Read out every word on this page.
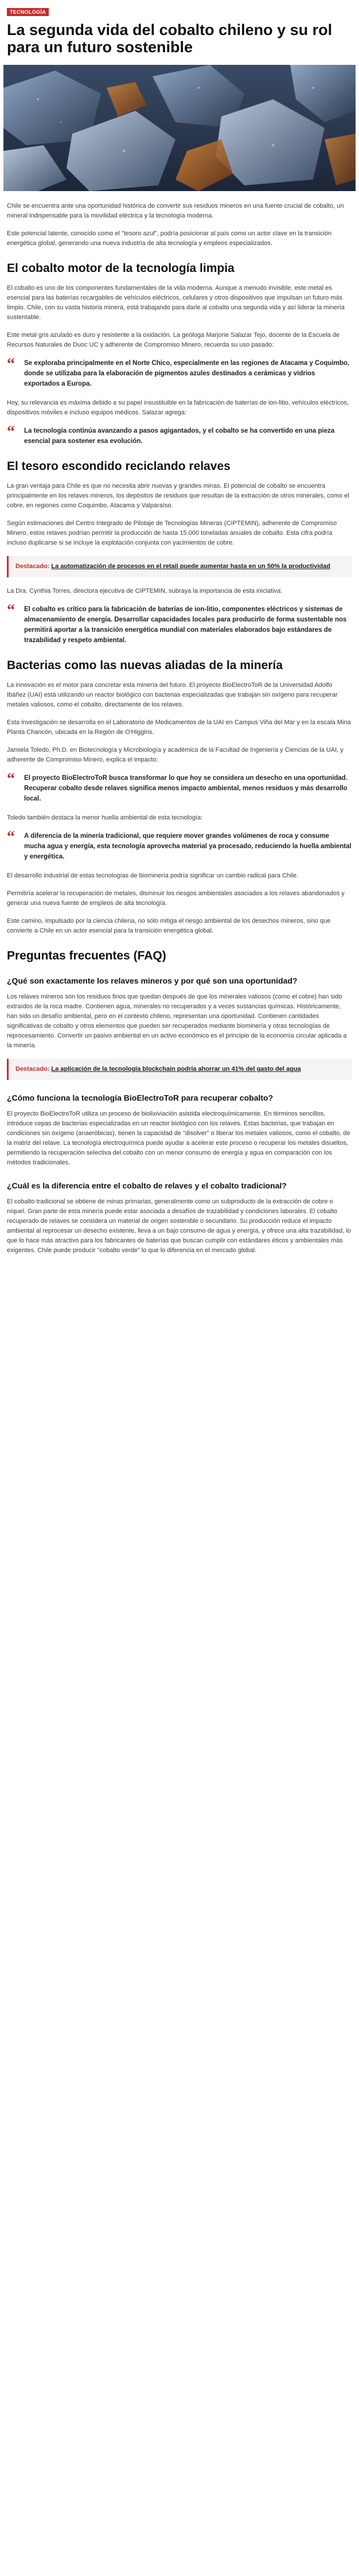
TECNOLOGÍA
La segunda vida del cobalto chileno y su rol para un futuro sostenible

Chile se encuentra ante una oportunidad histórica de convertir sus residuos mineros en una fuente crucial de cobalto, un mineral indispensable para la movilidad eléctrica y la tecnología moderna.

Este potencial latente, conocido como el "tesoro azul", podría posicionar al país como un actor clave en la transición energética global, generando una nueva industria de alta tecnología y empleos especializados.

El cobalto motor de la tecnología limpia

El cobalto es uno de los componentes fundamentales de la vida moderna. Aunque a menudo invisible, este metal es esencial para las baterías recargables de vehículos eléctricos, celulares y otros dispositivos que impulsan un futuro más limpio. Chile, con su vasta historia minera, está trabajando para darle al cobalto una segunda vida y así liderar la minería sustentable.

Este metal gris azulado es duro y resistente a la oxidación. La geóloga Marjorie Salazar Tejo, docente de la Escuela de Recursos Naturales de Duoc UC y adherente de Compromiso Minero, recuerda su uso pasado:

“	Se exploraba principalmente en el Norte Chico, especialmente en las regiones de Atacama y Coquimbo, donde se utilizaba para la elaboración de pigmentos azules destinados a cerámicas y vidrios exportados a Europa.

Hoy, su relevancia es máxima debido a su papel insustituible en la fabricación de baterías de ion-litio, vehículos eléctricos, dispositivos móviles e incluso equipos médicos. Salazar agrega:

“	La tecnología continúa avanzando a pasos agigantados, y el cobalto se ha convertido en una pieza esencial para sostener esa evolución.
El tesoro escondido reciclando relaves

La gran ventaja para Chile es que no necesita abrir nuevas y grandes minas. El potencial de cobalto se encuentra principalmente en los relaves mineros, los depósitos de residuos que resultan de la extracción de otros minerales, como el cobre, en regiones como Coquimbo, Atacama y Valparaíso.

Según estimaciones del Centro Integrado de Pilotaje de Tecnologías Mineras (CIPTEMIN), adherente de Compromiso Minero, estos relaves podrían permitir la producción de hasta 15.000 toneladas anuales de cobalto. Esta cifra podría incluso duplicarse si se incluye la explotación conjunta con yacimientos de cobre.

Destacado: La automatización de procesos en el retail puede aumentar hasta en un 50% la productividad

La Dra. Cynthia Torres, directora ejecutiva de CIPTEMIN, subraya la importancia de esta iniciativa:

“	El cobalto es crítico para la fabricación de baterías de ion-litio, componentes eléctricos y sistemas de almacenamiento de energía. Desarrollar capacidades locales para producirlo de forma sustentable nos permitirá aportar a la transición energética mundial con materiales elaborados bajo estándares de trazabilidad y respeto ambiental.
Bacterias como las nuevas aliadas de la minería

La innovación es el motor para concretar esta minería del futuro. El proyecto BioElectroToR de la Universidad Adolfo Ibáñez (UAI) está utilizando un reactor biológico con bacterias especializadas que trabajan sin oxígeno para recuperar metales valiosos, como el cobalto, directamente de los relaves.

Esta investigación se desarrolla en el Laboratorio de Medicamentos de la UAI en Campus Viña del Mar y en la escala Mina Planta Chancón, ubicada en la Región de O'Higgins.

Jamiela Toledo, Ph.D. en Biotecnología y Microbiología y académica de la Facultad de Ingeniería y Ciencias de la UAI, y adherente de Compromiso Minero, explica el impacto:

“	El proyecto BioElectroToR busca transformar lo que hoy se considera un desecho en una oportunidad. Recuperar cobalto desde relaves significa menos impacto ambiental, menos residuos y más desarrollo local.

Toledo también destaca la menor huella ambiental de esta tecnología:

“	A diferencia de la minería tradicional, que requiere mover grandes volúmenes de roca y consume mucha agua y energía, esta tecnología aprovecha material ya procesado, reduciendo la huella ambiental y energética.

El desarrollo industrial de estas tecnologías de biominería podría significar un cambio radical para Chile.

Permitiría acelerar la recuperación de metales, disminuir los riesgos ambientales asociados a los relaves abandonados y generar una nueva fuente de empleos de alta tecnología.

Este camino, impulsado por la ciencia chilena, no sólo mitiga el riesgo ambiental de los desechos mineros, sino que convierte a Chile en un actor esencial para la transición energética global.

Preguntas frecuentes (FAQ)
¿Qué son exactamente los relaves mineros y por qué son una oportunidad?

Los relaves mineros son los residuos finos que quedan después de que los minerales valiosos (como el cobre) han sido extraídos de la roca madre. Contienen agua, minerales no recuperados y a veces sustancias químicas. Históricamente, han sido un desafío ambiental, pero en el contexto chileno, representan una oportunidad. Contienen cantidades significativas de cobalto y otros elementos que pueden ser recuperados mediante biominería y otras tecnologías de reprocesamiento. Convertir un pasivo ambiental en un activo económico es el principio de la economía circular aplicada a la minería.

Destacado: La aplicación de la tecnología blockchain podría ahorrar un 41% del gasto del agua
¿Cómo funciona la tecnología BioElectroToR para recuperar cobalto?

El proyecto BioElectroToR utiliza un proceso de biolixiviación asistida electroquímicamente. En términos sencillos, introduce cepas de bacterias especializadas en un reactor biológico con los relaves. Estas bacterias, que trabajan en condiciones sin oxígeno (anaeróbicas), tienen la capacidad de "disolver" o liberar los metales valiosos, como el cobalto, de la matriz del relave. La tecnología electroquímica puede ayudar a acelerar este proceso o recuperar los metales disueltos, permitiendo la recuperación selectiva del cobalto con un menor consumo de energía y agua en comparación con los métodos tradicionales.

¿Cuál es la diferencia entre el cobalto de relaves y el cobalto tradicional?

El cobalto tradicional se obtiene de minas primarias, generalmente como un subproducto de la extracción de cobre o níquel. Gran parte de esta minería puede estar asociada a desafíos de trazabilidad y condiciones laborales. El cobalto recuperado de relaves se considera un material de origen sostenible o secundario. Su producción reduce el impacto ambiental al reprocesar un desecho existente, lleva a un bajo consumo de agua y energía, y ofrece una alta trazabilidad, lo que lo hace más atractivo para los fabricantes de baterías que buscan cumplir con estándares éticos y ambientales más exigentes. Chile puede producir "cobalto verde" lo que lo diferencia en el mercado global.
